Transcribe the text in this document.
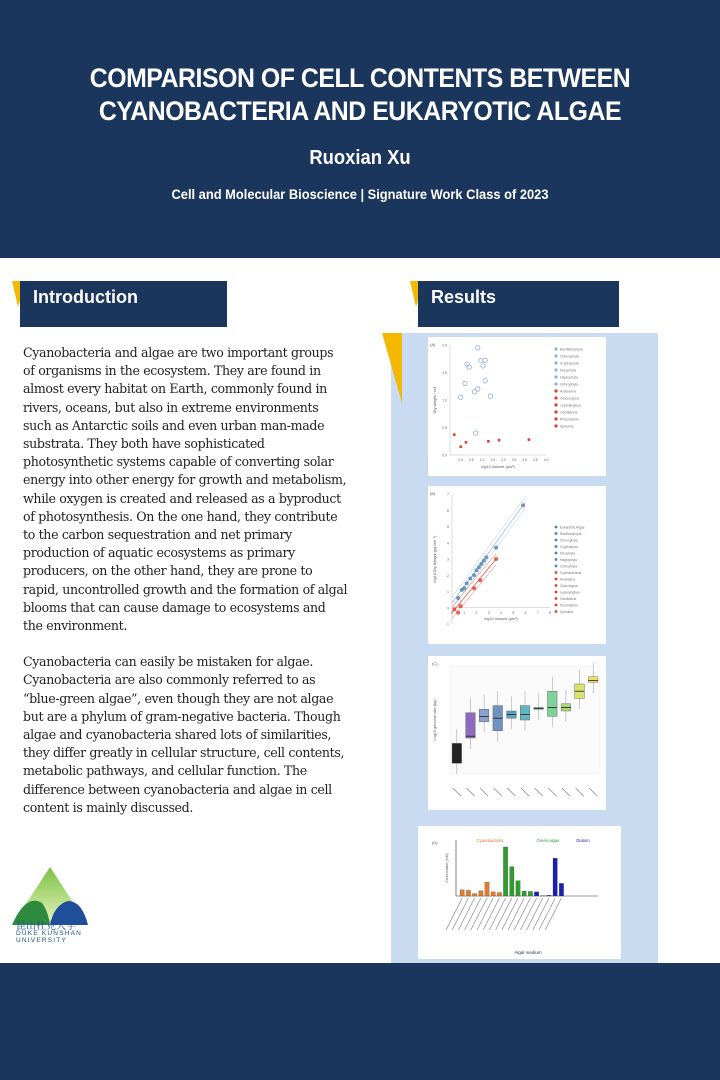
COMPARISON OF CELL CONTENTS BETWEEN
CYANOBACTERIA AND EUKARYOTIC ALGAE
Ruoxian Xu
Cell and Molecular Bioscience | Signature Work Class of 2023
Introduction

Cyanobacteria and algae are two important groups of organisms in the ecosystem. They are found in almost every habitat on Earth, commonly found in rivers, oceans, but also in extreme environments such as Antarctic soils and even urban man-made substrata. They both have sophisticated photosynthetic systems capable of converting solar energy into other energy for growth and metabolism, while oxygen is created and released as a byproduct of photosynthesis. On the one hand, they contribute to the carbon sequestration and net primary production of aquatic ecosystems as primary producers, on the other hand, they are prone to rapid, uncontrolled growth and the formation of algal blooms that can cause damage to ecosystems and the environment.

Cyanobacteria can easily be mistaken for algae. Cyanobacteria are also commonly referred to as “blue-green algae”, even though they are not algae but are a phylum of gram-negative bacteria. Though algae and cyanobacteria shared lots of similarities, they differ greatly in cellular structure, cell contents, metabolic pathways, and cellular function. The difference between cyanobacteria and algae in cell content is mainly discussed.

昆山杜克大学
DUKE KUNSHAN
UNIVERSITY
Results
(A)
0.0
0.5
1.0
1.5
2.0
0.0 0.5 1.0 1.5 2.0 2.5 3.0 3.5 4.0
log10 Volume (µm³)
Dry weight / cell
Bacillariophyta
Chlorophyta
Cryptophyta
Dinophyta
Haptophyta
Ochrophyta
Anabaena
Gloeocapsa
Leptolyngbya
Oscillatoria
Phormidium
Spirulina
(B)
-1
0
1
2
3
4
5
6
7
0	1	2	3	4	5	6	7	8
log10 Volume (µm³)
log10 Dry Weight (pg cell⁻¹)
Eukaryotic Algae
Bacillariophyta
Chlorophyta
Cryptophyta
Dinophyta
Haptophyta
Ochrophyta
Cyanobacteria
Anabaena
Gloeocapsa
Leptolyngbya
Oscillatoria
Phormidium
Spirulina
(C)
Log10 genome size (bp)
(D)
Concentration (mM)
Cyanobacteria	Green algae	Diatom
Algal medium
